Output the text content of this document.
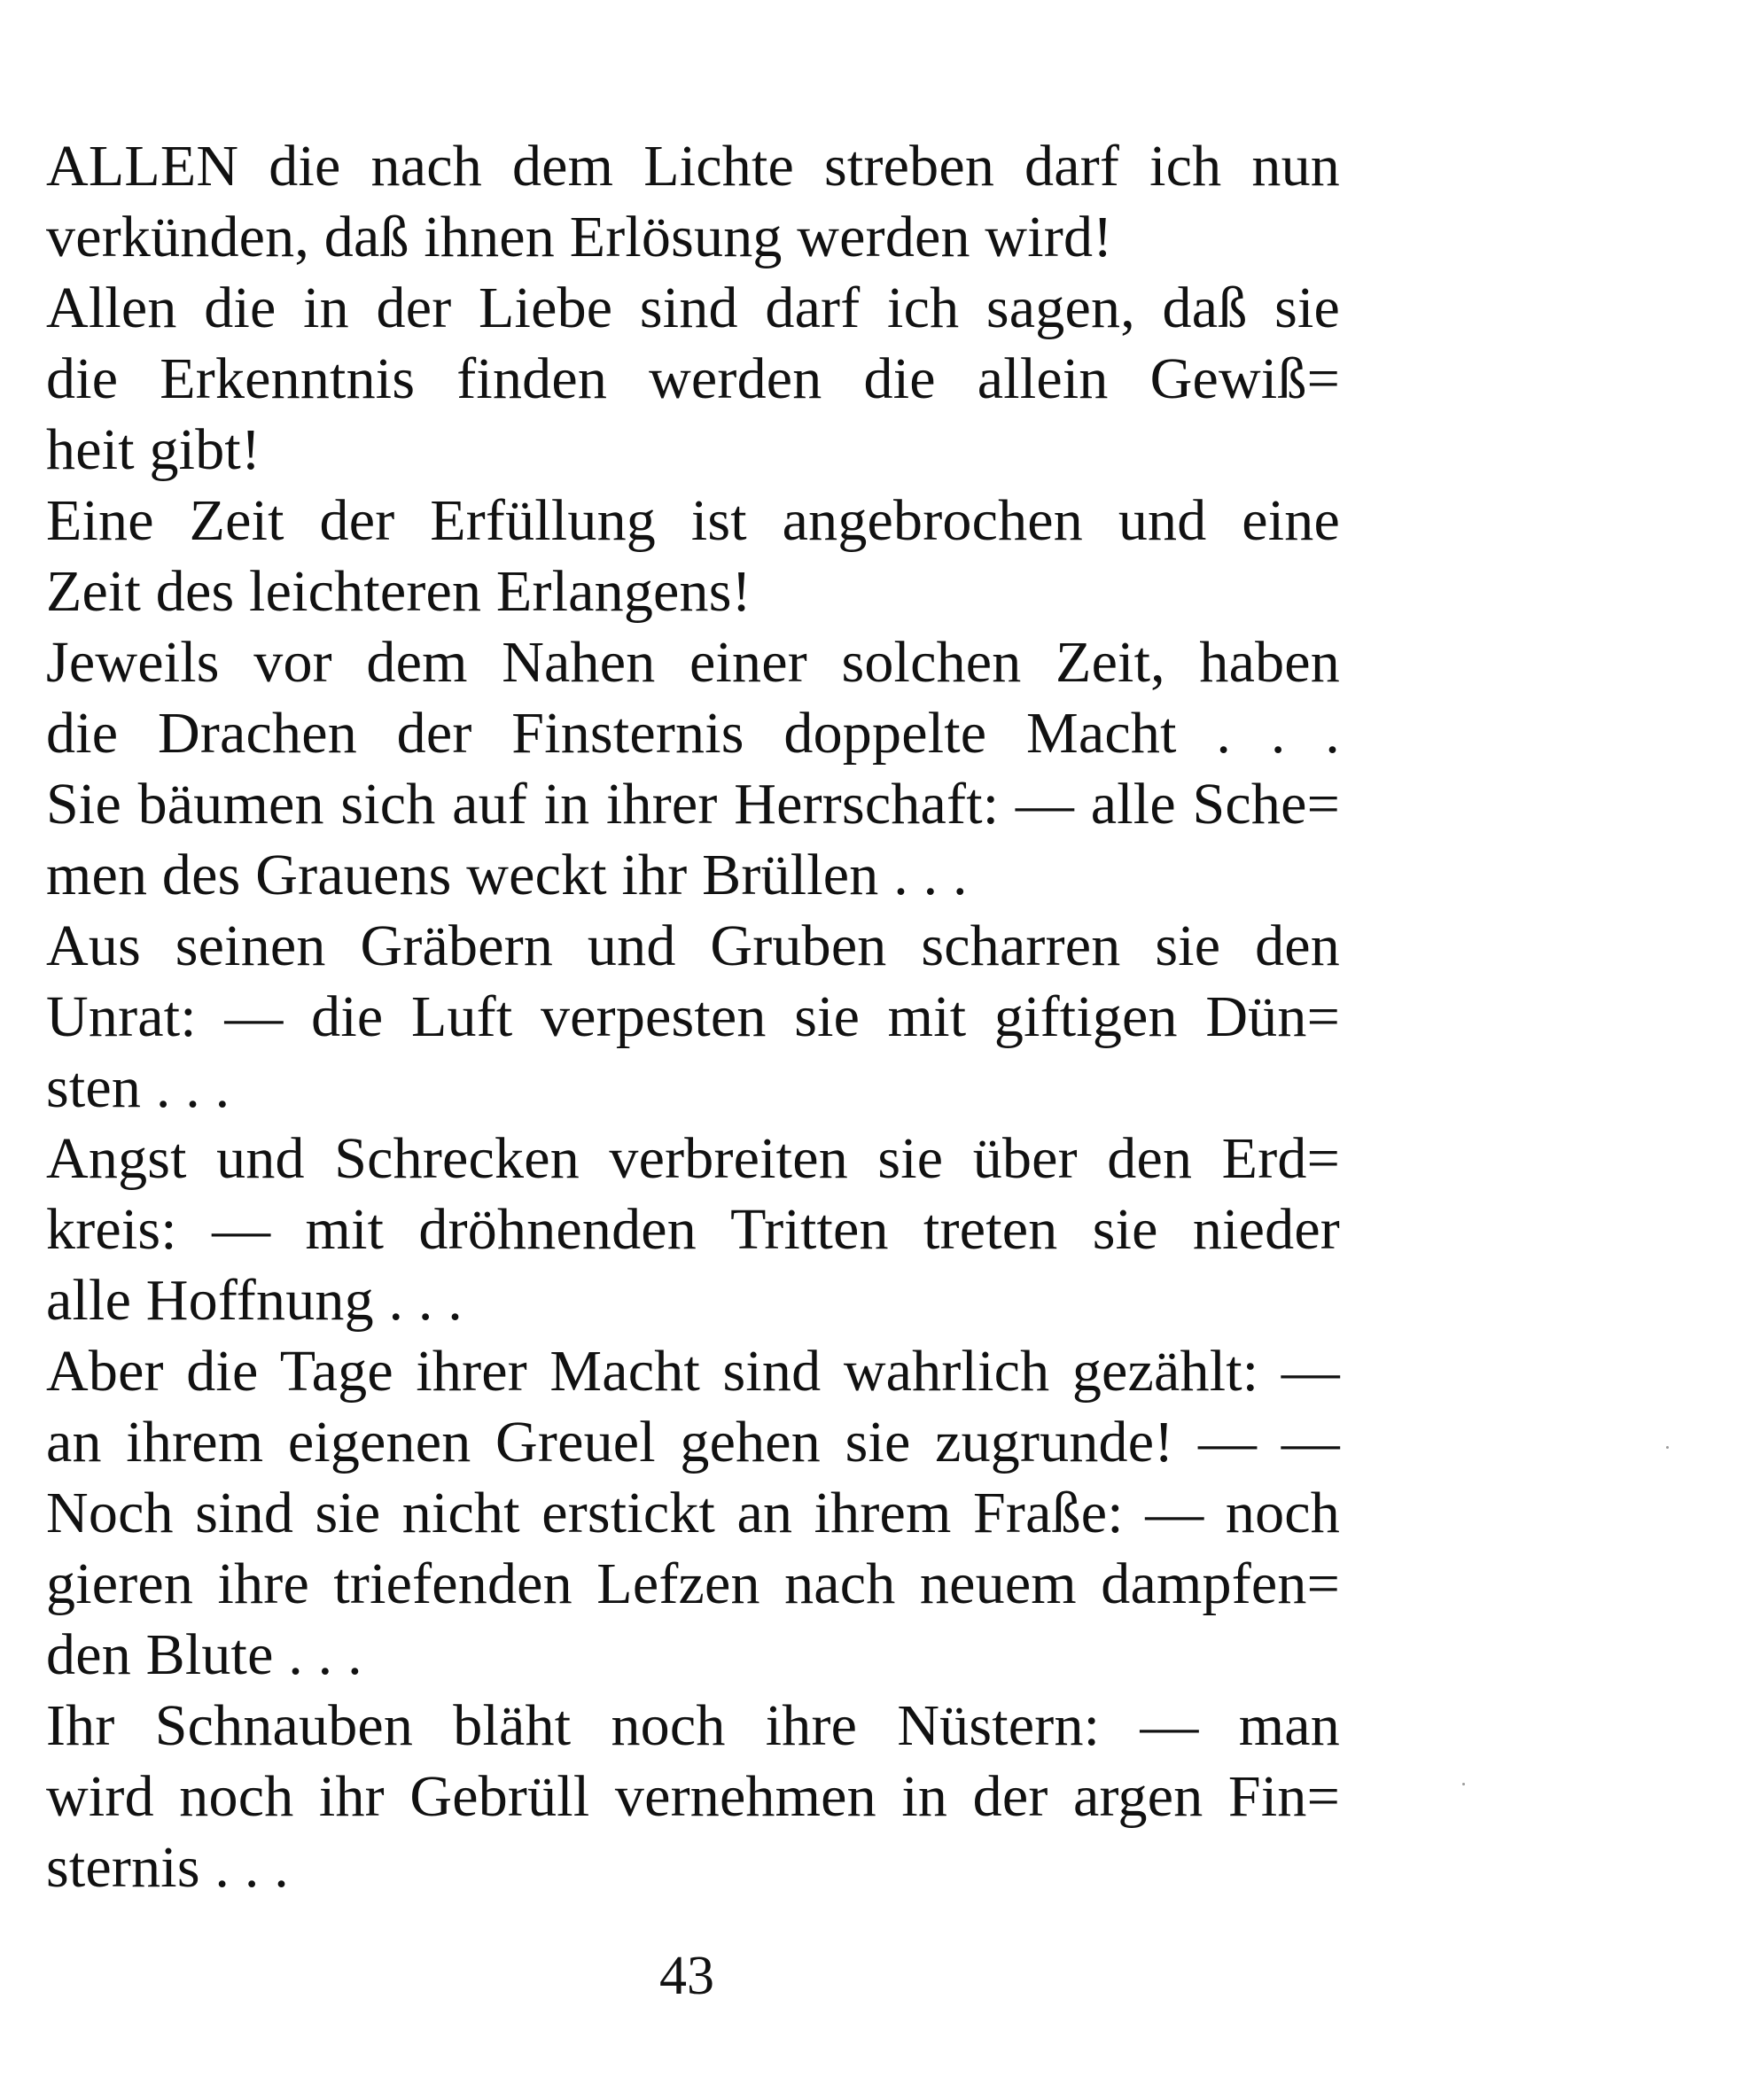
ALLEN die nach dem Lichte streben darf ich nun
verkünden, daß ihnen Erlösung werden wird!
Allen die in der Liebe sind darf ich sagen, daß sie
die Erkenntnis finden werden die allein Gewiß=
heit gibt!
Eine Zeit der Erfüllung ist angebrochen und eine
Zeit des leichteren Erlangens!
Jeweils vor dem Nahen einer solchen Zeit, haben
die Drachen der Finsternis doppelte Macht . . .
Sie bäumen sich auf in ihrer Herrschaft: — alle Sche=
men des Grauens weckt ihr Brüllen . . .
Aus seinen Gräbern und Gruben scharren sie den
Unrat: — die Luft verpesten sie mit giftigen Dün=
sten . . .
Angst und Schrecken verbreiten sie über den Erd=
kreis: — mit dröhnenden Tritten treten sie nieder
alle Hoffnung . . .
Aber die Tage ihrer Macht sind wahrlich gezählt: —
an ihrem eigenen Greuel gehen sie zugrunde! — —
Noch sind sie nicht erstickt an ihrem Fraße: — noch
gieren ihre triefenden Lefzen nach neuem dampfen=
den Blute . . .
Ihr Schnauben bläht noch ihre Nüstern: — man
wird noch ihr Gebrüll vernehmen in der argen Fin=
sternis . . .
43
